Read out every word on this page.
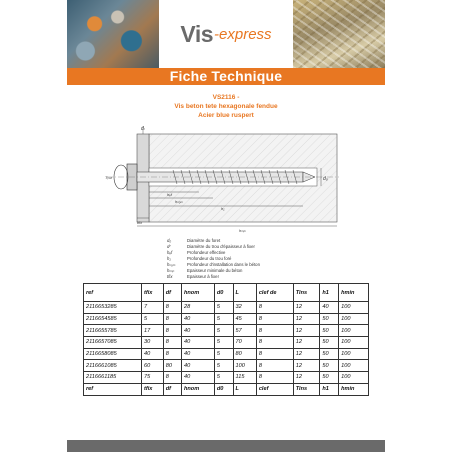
Vis -express
Fiche Technique
VS2116 -
Vis beton tete hexagonale fendue
Acier blue ruspert
dₗ
d₀
Tᵢₙₛₜ
tfix
hₑf
hₙₒₘ
h₁
hₘᵢₙ
d₀	Diamètre du foret
dᶠ	Diamètre du trou d'épaisseur à fixer
hₑf	Profondeur effective
h₁	Profondeur du trou foré
hₙₒₘ	Profondeur d'installation dans le béton
hₘᵢₙ	Epaisseur minimale du béton
tfix	Epaisseur à fixer
ref	tfix	df	hnom	d0	L	clef de	Tins	h1	hmin
2116653285	7	8	28	5	32	8	12	40	100
2116654585	5	8	40	5	45	8	12	50	100
2116655785	17	8	40	5	57	8	12	50	100
2116657085	30	8	40	5	70	8	12	50	100
2116658085	40	8	40	5	80	8	12	50	100
2116661085	60	80	40	5	100	8	12	50	100
2116661185	75	8	40	5	115	8	12	50	100
ref	tfix	df	hnom	d0	L	clef	Tins	h1	hmin
